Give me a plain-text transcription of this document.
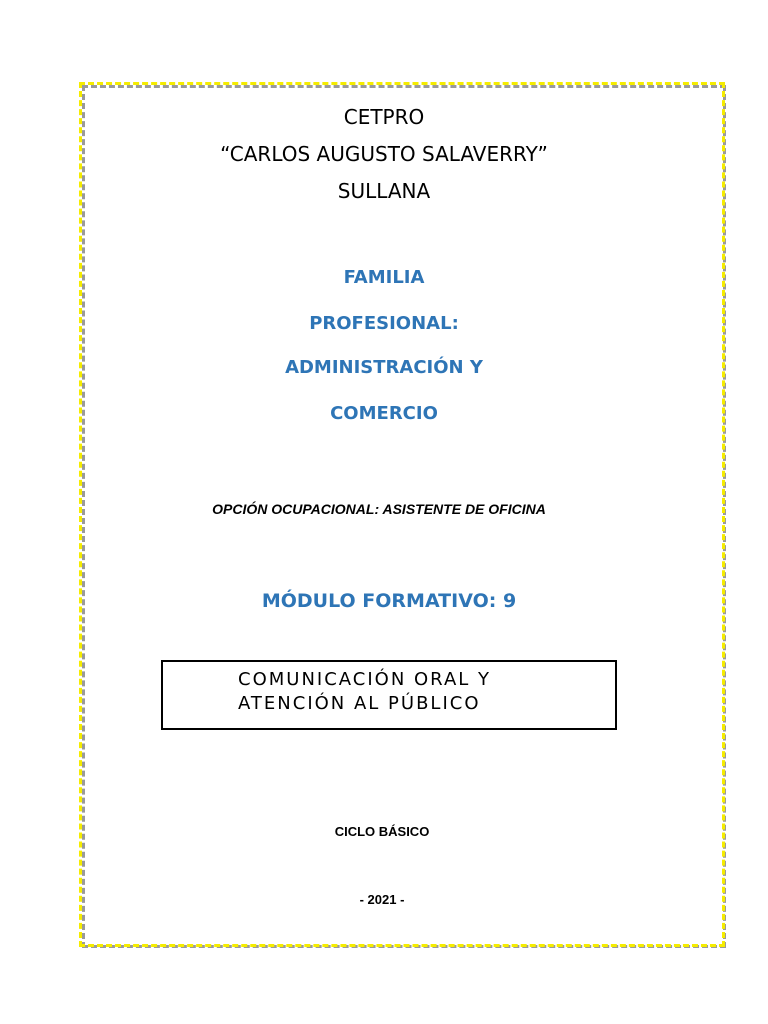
CETPRO
“CARLOS AUGUSTO SALAVERRY”
SULLANA
FAMILIA
PROFESIONAL:
ADMINISTRACIÓN Y
COMERCIO
OPCIÓN OCUPACIONAL: ASISTENTE DE OFICINA
MÓDULO FORMATIVO: 9
COMUNICACIÓN ORAL Y
ATENCIÓN AL PÚBLICO
CICLO BÁSICO
- 2021 -
